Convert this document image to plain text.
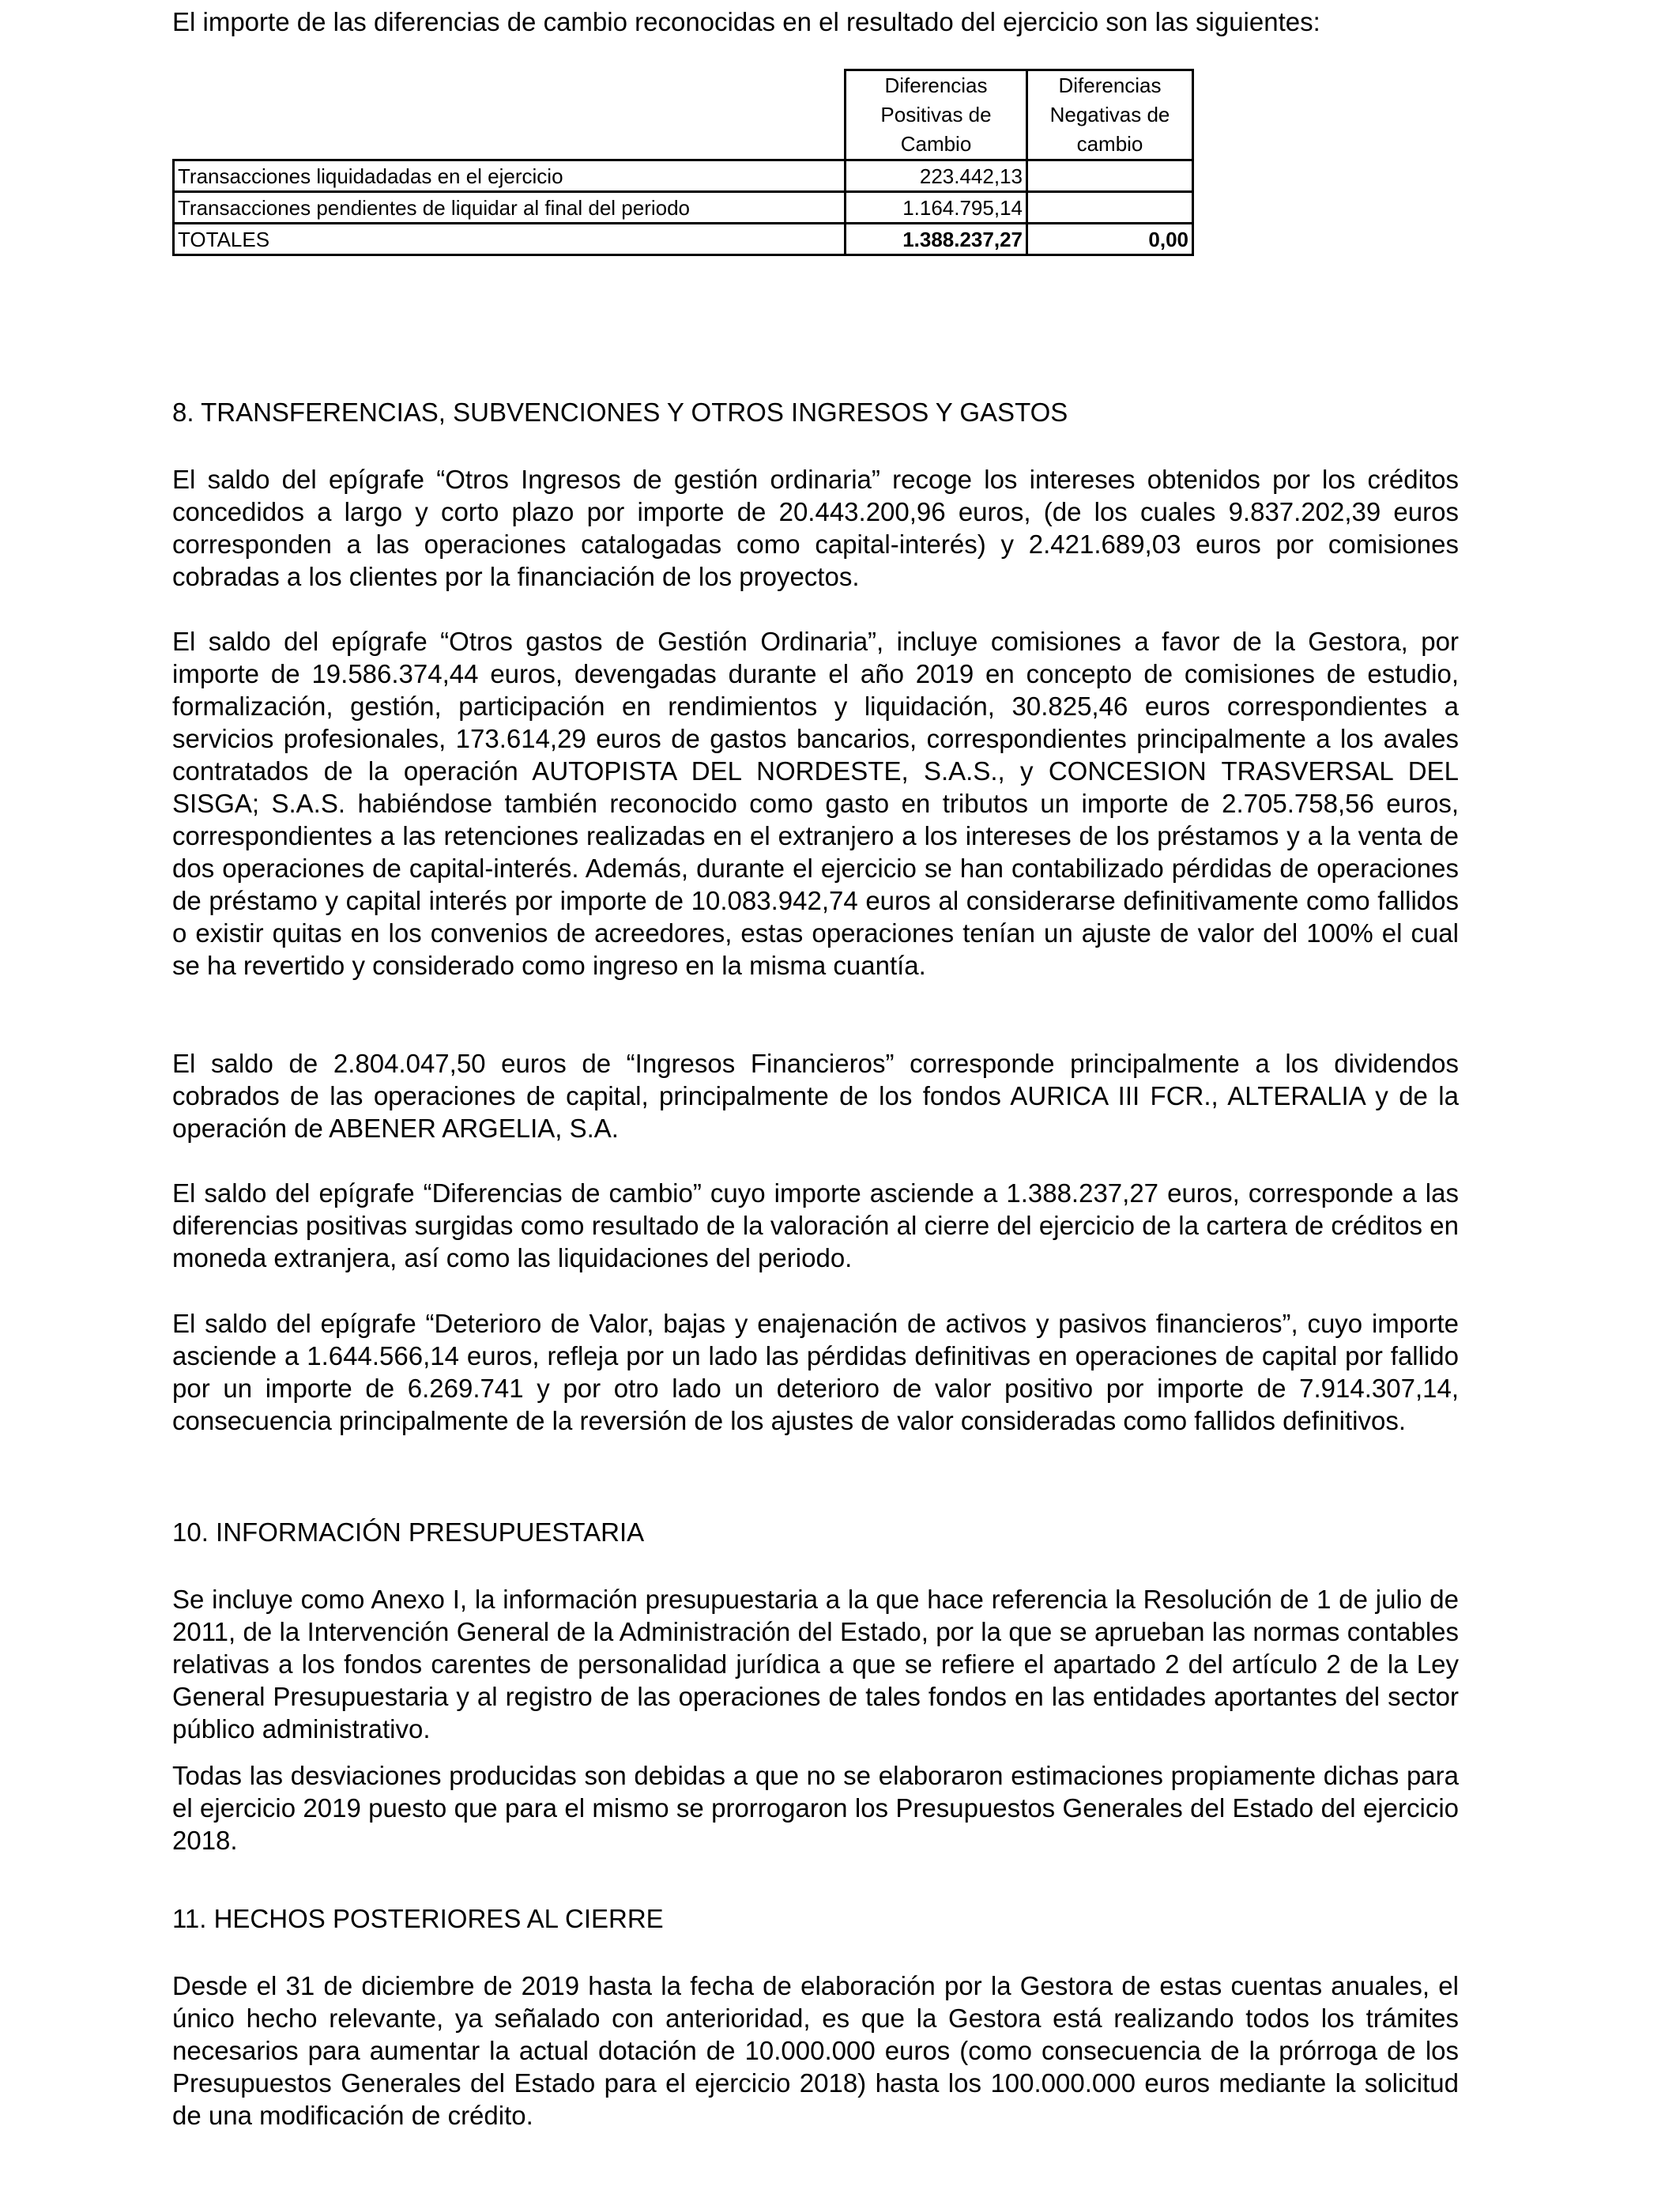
El importe de las diferencias de cambio reconocidas en el resultado del ejercicio son las siguientes:
	Diferencias Positivas de Cambio	Diferencias Negativas de cambio
Transacciones liquidadadas en el ejercicio	223.442,13	
Transacciones pendientes de liquidar al final del periodo	1.164.795,14	
TOTALES	1.388.237,27	0,00
8. TRANSFERENCIAS, SUBVENCIONES Y OTROS INGRESOS Y GASTOS

El saldo del epígrafe “Otros Ingresos de gestión ordinaria” recoge los intereses obtenidos por los créditos concedidos a largo y corto plazo por importe de 20.443.200,96 euros, (de los cuales 9.837.202,39 euros corresponden a las operaciones catalogadas como capital-interés) y 2.421.689,03 euros por comisiones cobradas a los clientes por la financiación de los proyectos.

El saldo del epígrafe “Otros gastos de Gestión Ordinaria”, incluye comisiones a favor de la Gestora, por importe de 19.586.374,44 euros, devengadas durante el año 2019 en concepto de comisiones de estudio, formalización, gestión, participación en rendimientos y liquidación, 30.825,46 euros correspondientes a servicios profesionales, 173.614,29 euros de gastos bancarios, correspondientes principalmente a los avales contratados de la operación AUTOPISTA DEL NORDESTE, S.A.S., y CONCESION TRASVERSAL DEL SISGA; S.A.S. habiéndose también reconocido como gasto en tributos un importe de 2.705.758,56 euros, correspondientes a las retenciones realizadas en el extranjero a los intereses de los préstamos y a la venta de dos operaciones de capital-interés. Además, durante el ejercicio se han contabilizado pérdidas de operaciones de préstamo y capital interés por importe de 10.083.942,74 euros al considerarse definitivamente como fallidos o existir quitas en los convenios de acreedores, estas operaciones tenían un ajuste de valor del 100% el cual se ha revertido y considerado como ingreso en la misma cuantía.

El saldo de 2.804.047,50 euros de “Ingresos Financieros” corresponde principalmente a los dividendos cobrados de las operaciones de capital, principalmente de los fondos AURICA III FCR., ALTERALIA y de la operación de ABENER ARGELIA, S.A.

El saldo del epígrafe “Diferencias de cambio” cuyo importe asciende a 1.388.237,27 euros, corresponde a las diferencias positivas surgidas como resultado de la valoración al cierre del ejercicio de la cartera de créditos en moneda extranjera, así como las liquidaciones del periodo.

El saldo del epígrafe “Deterioro de Valor, bajas y enajenación de activos y pasivos financieros”, cuyo importe asciende a 1.644.566,14 euros, refleja por un lado las pérdidas definitivas en operaciones de capital por fallido por un importe de 6.269.741 y por otro lado un deterioro de valor positivo por importe de 7.914.307,14, consecuencia principalmente de la reversión de los ajustes de valor consideradas como fallidos definitivos.

10. INFORMACIÓN PRESUPUESTARIA

Se incluye como Anexo I, la información presupuestaria a la que hace referencia la Resolución de 1 de julio de 2011, de la Intervención General de la Administración del Estado, por la que se aprueban las normas contables relativas a los fondos carentes de personalidad jurídica a que se refiere el apartado 2 del artículo 2 de la Ley General Presupuestaria y al registro de las operaciones de tales fondos en las entidades aportantes del sector público administrativo.

Todas las desviaciones producidas son debidas a que no se elaboraron estimaciones propiamente dichas para el ejercicio 2019 puesto que para el mismo se prorrogaron los Presupuestos Generales del Estado del ejercicio 2018.

11. HECHOS POSTERIORES AL CIERRE

Desde el 31 de diciembre de 2019 hasta la fecha de elaboración por la Gestora de estas cuentas anuales, el único hecho relevante, ya señalado con anterioridad, es que la Gestora está realizando todos los trámites necesarios para aumentar la actual dotación de 10.000.000 euros (como consecuencia de la prórroga de los Presupuestos Generales del Estado para el ejercicio 2018) hasta los 100.000.000 euros mediante la solicitud de una modificación de crédito.
